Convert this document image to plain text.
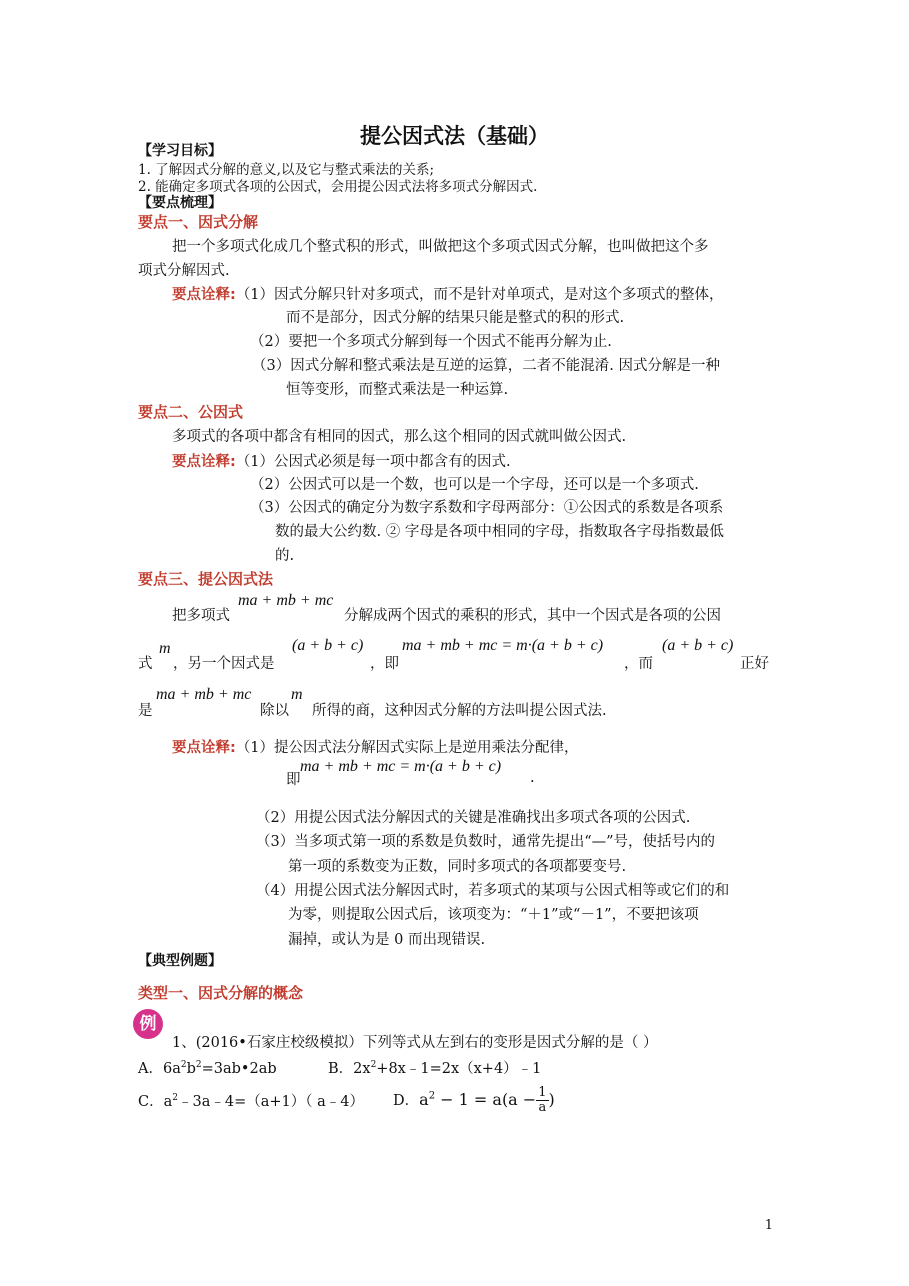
提公因式法（基础）
【学习目标】
1. 了解因式分解的意义,以及它与整式乘法的关系;
2. 能确定多项式各项的公因式，会用提公因式法将多项式分解因式.
【要点梳理】
要点一、因式分解
把一个多项式化成几个整式积的形式，叫做把这个多项式因式分解，也叫做把这个多
项式分解因式.
要点诠释:（1）因式分解只针对多项式，而不是针对单项式，是对这个多项式的整体，
而不是部分，因式分解的结果只能是整式的积的形式.
（2）要把一个多项式分解到每一个因式不能再分解为止.
（3）因式分解和整式乘法是互逆的运算，二者不能混淆. 因式分解是一种
恒等变形，而整式乘法是一种运算.
要点二、公因式
多项式的各项中都含有相同的因式，那么这个相同的因式就叫做公因式.
要点诠释:（1）公因式必须是每一项中都含有的因式.
（2）公因式可以是一个数，也可以是一个字母，还可以是一个多项式.
（3）公因式的确定分为数字系数和字母两部分：①公因式的系数是各项系
数的最大公约数. ② 字母是各项中相同的字母，指数取各字母指数最低
的.
要点三、提公因式法
把多项式
ma + mb + mc
分解成两个因式的乘积的形式，其中一个因式是各项的公因
式
m
，另一个因式是
(a + b + c)
，即
ma + mb + mc = m·(a + b + c)
，而
(a + b + c)
正好
是
ma + mb + mc
除以
m
所得的商，这种因式分解的方法叫提公因式法.
要点诠释:（1）提公因式法分解因式实际上是逆用乘法分配律，
即
ma + mb + mc = m·(a + b + c)
.
（2）用提公因式法分解因式的关键是准确找出多项式各项的公因式.
（3）当多项式第一项的系数是负数时，通常先提出“—”号，使括号内的
第一项的系数变为正数，同时多项式的各项都要变号.
（4）用提公因式法分解因式时，若多项式的某项与公因式相等或它们的和
为零，则提取公因式后，该项变为：“＋1”或“－1”，不要把该项
漏掉，或认为是 0 而出现错误.
【典型例题】
类型一、因式分解的概念
例
1、(2016•石家庄校级模拟）下列等式从左到右的变形是因式分解的是（ ）
A．$6a^2b^2=3ab•2ab$	B．$2x^2+8x﹣1=2x(x+4)﹣1$
C．$a^2﹣3a﹣4=(a+1)$（ a﹣4） D．$a^2 - 1 = a(a - \frac{1}{a}$ )
1
